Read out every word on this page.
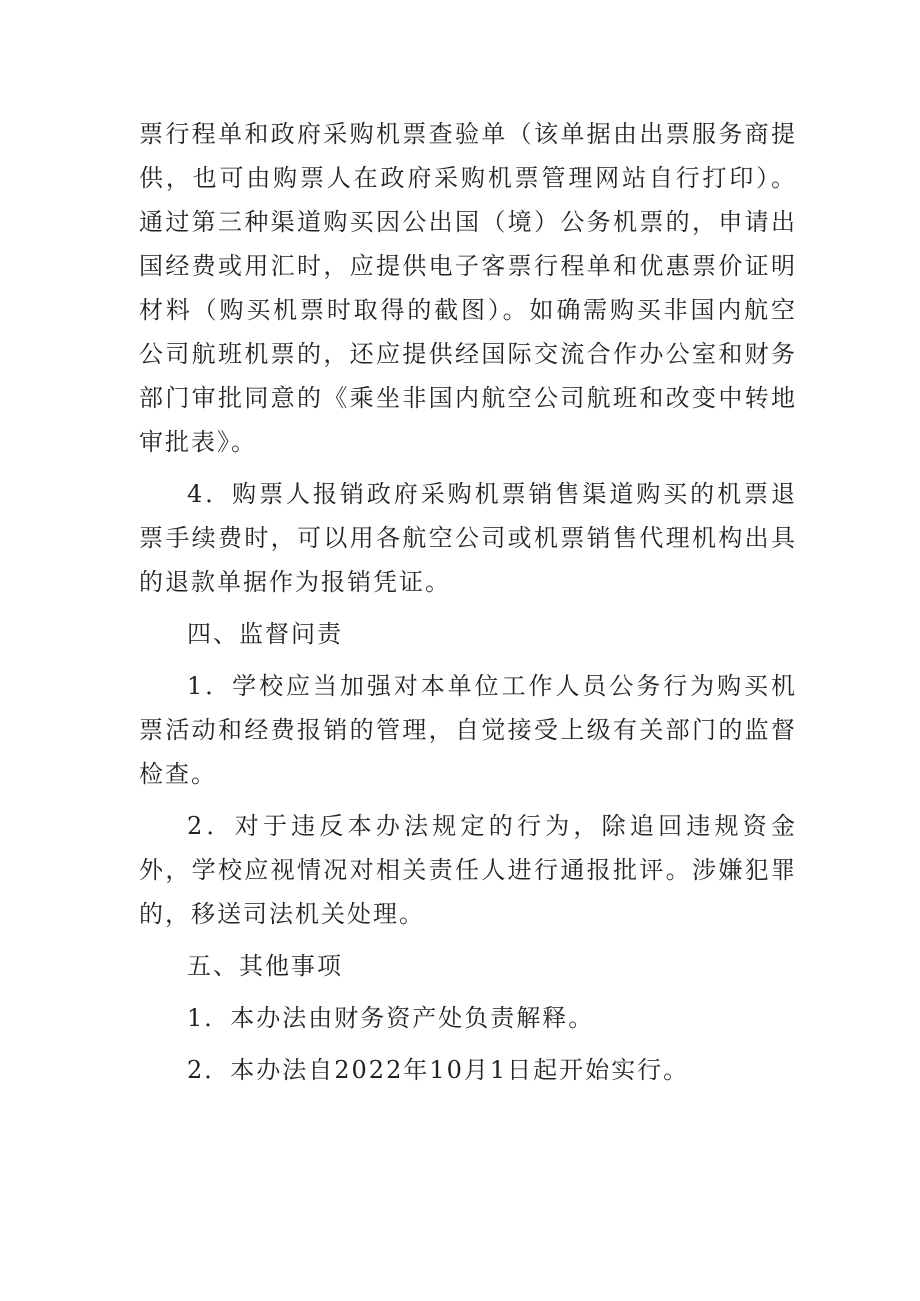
票行程单和政府采购机票查验单（该单据由出票服务商提供，也可由购票人在政府采购机票管理网站自行打印）。通过第三种渠道购买因公出国（境）公务机票的，申请出国经费或用汇时，应提供电子客票行程单和优惠票价证明材料（购买机票时取得的截图）。如确需购买非国内航空公司航班机票的，还应提供经国际交流合作办公室和财务部门审批同意的《乘坐非国内航空公司航班和改变中转地审批表》。

4．购票人报销政府采购机票销售渠道购买的机票退票手续费时，可以用各航空公司或机票销售代理机构出具的退款单据作为报销凭证。

四、监督问责

1．学校应当加强对本单位工作人员公务行为购买机票活动和经费报销的管理，自觉接受上级有关部门的监督检查。

2．对于违反本办法规定的行为，除追回违规资金外，学校应视情况对相关责任人进行通报批评。涉嫌犯罪的，移送司法机关处理。

五、其他事项

1．本办法由财务资产处负责解释。

2．本办法自2022年10月1日起开始实行。
